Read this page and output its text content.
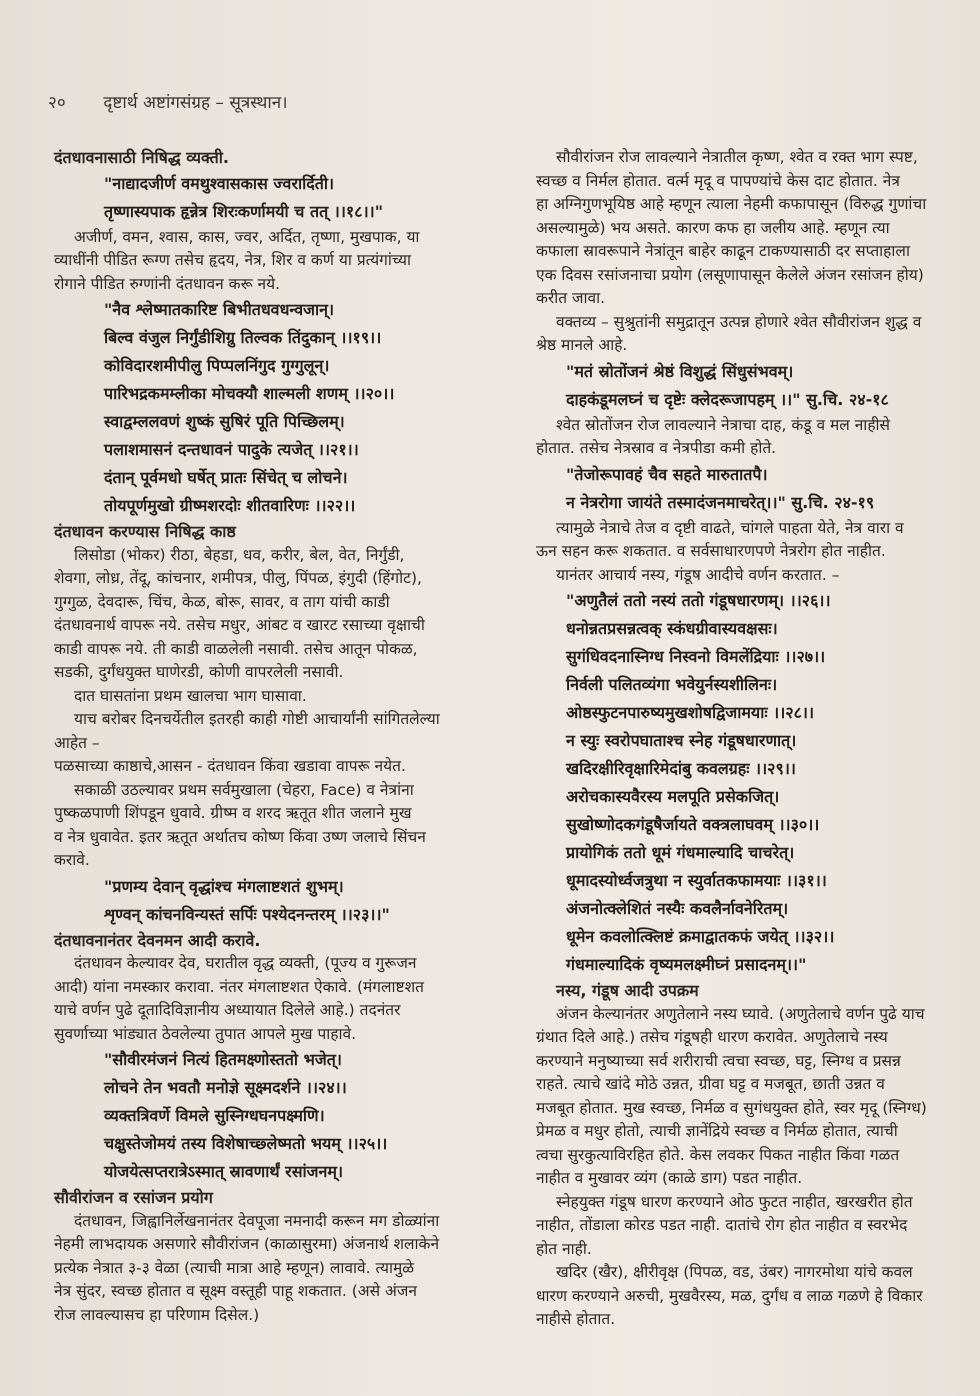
२० दृष्टार्थ अष्टांगसंग्रह – सूत्रस्थान।
दंतधावनासाठी निषिद्ध व्यक्ती.
"नाद्यादजीर्ण वमथुश्वासकास ज्वरार्दिती।
तृष्णास्यपाक हृन्नेत्र शिरःकर्णामयी च तत् ।।१८।।"
अजीर्ण, वमन, श्वास, कास, ज्वर, अर्दित, तृष्णा, मुखपाक, या
व्याधींनी पीडित रूग्ण तसेच हृदय, नेत्र, शिर व कर्ण या प्रत्यंगांच्या
रोगाने पीडित रुग्णांनी दंतधावन करू नये.
"नैव श्लेष्मातकारिष्ट बिभीतधवधन्वजान्।
बिल्व वंजुल निर्गुंडीशिग्रु तिल्वक तिंदुकान् ।।१९।।
कोविदारशमीपीलु पिप्पलनिंगुद गुग्गुलून्।
पारिभद्रकमम्लीका मोचक्यौ शाल्मली शणम् ।।२०।।
स्वाद्वम्ललवणं शुष्कं सुषिरं पूति पिच्छिलम्।
पलाशमासनं दन्तधावनं पादुके त्यजेत् ।।२१।।
दंतान् पूर्वमधो घर्षेत् प्रातः सिंचेत् च लोचने।
तोयपूर्णमुखो ग्रीष्मशरदोः शीतवारिणः ।।२२।।
दंतधावन करण्यास निषिद्ध काष्ठ
लिसोडा (भोकर) रीठा, बेहडा, धव, करीर, बेल, वेत, निर्गुंडी,
शेवगा, लोध्र, तेंदू, कांचनार, शमीपत्र, पीलु, पिंपळ, इंगुदी (हिंगोट),
गुग्गुळ, देवदारू, चिंच, केळ, बोरू, सावर, व ताग यांची काडी
दंतधावनार्थ वापरू नये. तसेच मधुर, आंबट व खारट रसाच्या वृक्षाची
काडी वापरू नये. ती काडी वाळलेली नसावी. तसेच आतून पोकळ,
सडकी, दुर्गंधयुक्त घाणेरडी, कोणी वापरलेली नसावी.
दात घासतांना प्रथम खालचा भाग घासावा.
याच बरोबर दिनचर्येतील इतरही काही गोष्टी आचार्यांनी सांगितलेल्या
आहेत –
पळसाच्या काष्ठाचे,आसन - दंतधावन किंवा खडावा वापरू नयेत.
सकाळी उठल्यावर प्रथम सर्वमुखाला (चेहरा, Face) व नेत्रांना
पुष्कळपाणी शिंपडून धुवावे. ग्रीष्म व शरद ऋतूत शीत जलाने मुख
व नेत्र धुवावेत. इतर ऋतूत अर्थातच कोष्ण किंवा उष्ण जलाचे सिंचन
करावे.
"प्रणम्य देवान् वृद्धांश्च मंगलाष्टशतं शुभम्।
शृण्वन् कांचनविन्यस्तं सर्पिः पश्येदनन्तरम् ।।२३।।"
दंतधावनानंतर देवनमन आदी करावे.
दंतधावन केल्यावर देव, घरातील वृद्ध व्यक्ती, (पूज्य व गुरूजन
आदी) यांना नमस्कार करावा. नंतर मंगलाष्टशत ऐकावे. (मंगलाष्टशत
याचे वर्णन पुढे दूतादिविज्ञानीय अध्यायात दिलेले आहे.) तदनंतर
सुवर्णाच्या भांड्यात ठेवलेल्या तुपात आपले मुख पाहावे.
"सौवीरमंजनं नित्यं हितमक्ष्णोस्ततो भजेत्।
लोचने तेन भवतौ मनोज्ञे सूक्ष्मदर्शने ।।२४।।
व्यक्तत्रिवर्णे विमले सुस्निग्धघनपक्ष्मणि।
चक्षुस्तेजोमयं तस्य विशेषाच्छ्लेष्मतो भयम् ।।२५।।
योजयेत्सप्तरात्रेऽस्मात् स्रावणार्थं रसांजनम्।
सौवीरांजन व रसांजन प्रयोग
दंतधावन, जिह्वानिर्लेखनानंतर देवपूजा नमनादी करून मग डोळ्यांना
नेहमी लाभदायक असणारे सौवीरांजन (काळासुरमा) अंजनार्थ शलाकेने
प्रत्येक नेत्रात ३-३ वेळा (त्याची मात्रा आहे म्हणून) लावावे. त्यामुळे
नेत्र सुंदर, स्वच्छ होतात व सूक्ष्म वस्तूही पाहू शकतात. (असे अंजन
रोज लावल्यासच हा परिणाम दिसेल.)
सौवीरांजन रोज लावल्याने नेत्रातील कृष्ण, श्वेत व रक्त भाग स्पष्ट,
स्वच्छ व निर्मल होतात. वर्त्म मृदू व पापण्यांचे केस दाट होतात. नेत्र
हा अग्निगुणभूयिष्ठ आहे म्हणून त्याला नेहमी कफापासून (विरुद्ध गुणांचा
असल्यामुळे) भय असते. कारण कफ हा जलीय आहे. म्हणून त्या
कफाला स्रावरूपाने नेत्रांतून बाहेर काढून टाकण्यासाठी दर सप्ताहाला
एक दिवस रसांजनाचा प्रयोग (लसूणापासून केलेले अंजन रसांजन होय)
करीत जावा.
वक्तव्य – सुश्रुतांनी समुद्रातून उत्पन्न होणारे श्वेत सौवीरांजन शुद्ध व
श्रेष्ठ मानले आहे.
"मतं स्रोतोंजनं श्रेष्ठं विशुद्धं सिंधुसंभवम्।
दाहकंडूमलघ्नं च दृष्टेः क्लेदरूजापहम् ।।" सु.चि. २४-१८
श्वेत स्रोतोंजन रोज लावल्याने नेत्राचा दाह, कंडू व मल नाहीसे
होतात. तसेच नेत्रस्राव व नेत्रपीडा कमी होते.
"तेजोरूपावहं चैव सहते मारुतातपै।
न नेत्ररोगा जायंते तस्मादंजनमाचरेत्।।" सु.चि. २४-१९
त्यामुळे नेत्राचे तेज व दृष्टी वाढते, चांगले पाहता येते, नेत्र वारा व
ऊन सहन करू शकतात. व सर्वसाधारणपणे नेत्ररोग होत नाहीत.
यानंतर आचार्य नस्य, गंडूष आदीचे वर्णन करतात. –
"अणुतैलं ततो नस्यं ततो गंडूषधारणम्। ।।२६।।
धनोन्नतप्रसन्नत्वक् स्कंधग्रीवास्यवक्षसः।
सुगंधिवदनास्निग्ध निस्वनो विमलेंद्रियाः ।।२७।।
निर्वली पलितव्यंगा भवेयुर्नस्यशीलिनः।
ओष्ठस्फुटनपारुष्यमुखशोषद्विजामयाः ।।२८।।
न स्युः स्वरोपघाताश्च स्नेह गंडूषधारणात्।
खदिरक्षीरिवृक्षारिमेदांबु कवलग्रहः ।।२९।।
अरोचकास्यवैरस्य मलपूति प्रसेकजित्।
सुखोष्णोदकगंडूषैर्जायते वक्त्रलाघवम् ।।३०।।
प्रायोगिकं ततो धूमं गंधमाल्यादि चाचरेत्।
धूमादस्योर्ध्वजत्रुथा न स्युर्वातकफामयाः ।।३१।।
अंजनोत्क्लेशितं नस्यैः कवलैर्नावनेरितम्।
धूमेन कवलोत्क्लिष्टं क्रमाद्वातकफं जयेत् ।।३२।।
गंधमाल्यादिकं वृष्यमलक्ष्मीघ्नं प्रसादनम्।।"
नस्य, गंडूष आदी उपक्रम
अंजन केल्यानंतर अणुतेलाने नस्य घ्यावे. (अणुतेलाचे वर्णन पुढे याच
ग्रंथात दिले आहे.) तसेच गंडूषही धारण करावेत. अणुतेलाचे नस्य
करण्याने मनुष्याच्या सर्व शरीराची त्वचा स्वच्छ, घट्ट, स्निग्ध व प्रसन्न
राहते. त्याचे खांदे मोठे उन्नत, ग्रीवा घट्ट व मजबूत, छाती उन्नत व
मजबूत होतात. मुख स्वच्छ, निर्मळ व सुगंधयुक्त होते, स्वर मृदू (स्निग्ध)
प्रेमळ व मधुर होतो, त्याची ज्ञानेंद्रिये स्वच्छ व निर्मळ होतात, त्याची
त्वचा सुरकुत्याविरहित होते. केस लवकर पिकत नाहीत किंवा गळत
नाहीत व मुखावर व्यंग (काळे डाग) पडत नाहीत.
स्नेहयुक्त गंडूष धारण करण्याने ओठ फुटत नाहीत, खरखरीत होत
नाहीत, तोंडाला कोरड पडत नाही. दातांचे रोग होत नाहीत व स्वरभेद
होत नाही.
खदिर (खैर), क्षीरीवृक्ष (पिपळ, वड, उंबर) नागरमोथा यांचे कवल
धारण करण्याने अरुची, मुखवैरस्य, मळ, दुर्गंध व लाळ गळणे हे विकार
नाहीसे होतात.
